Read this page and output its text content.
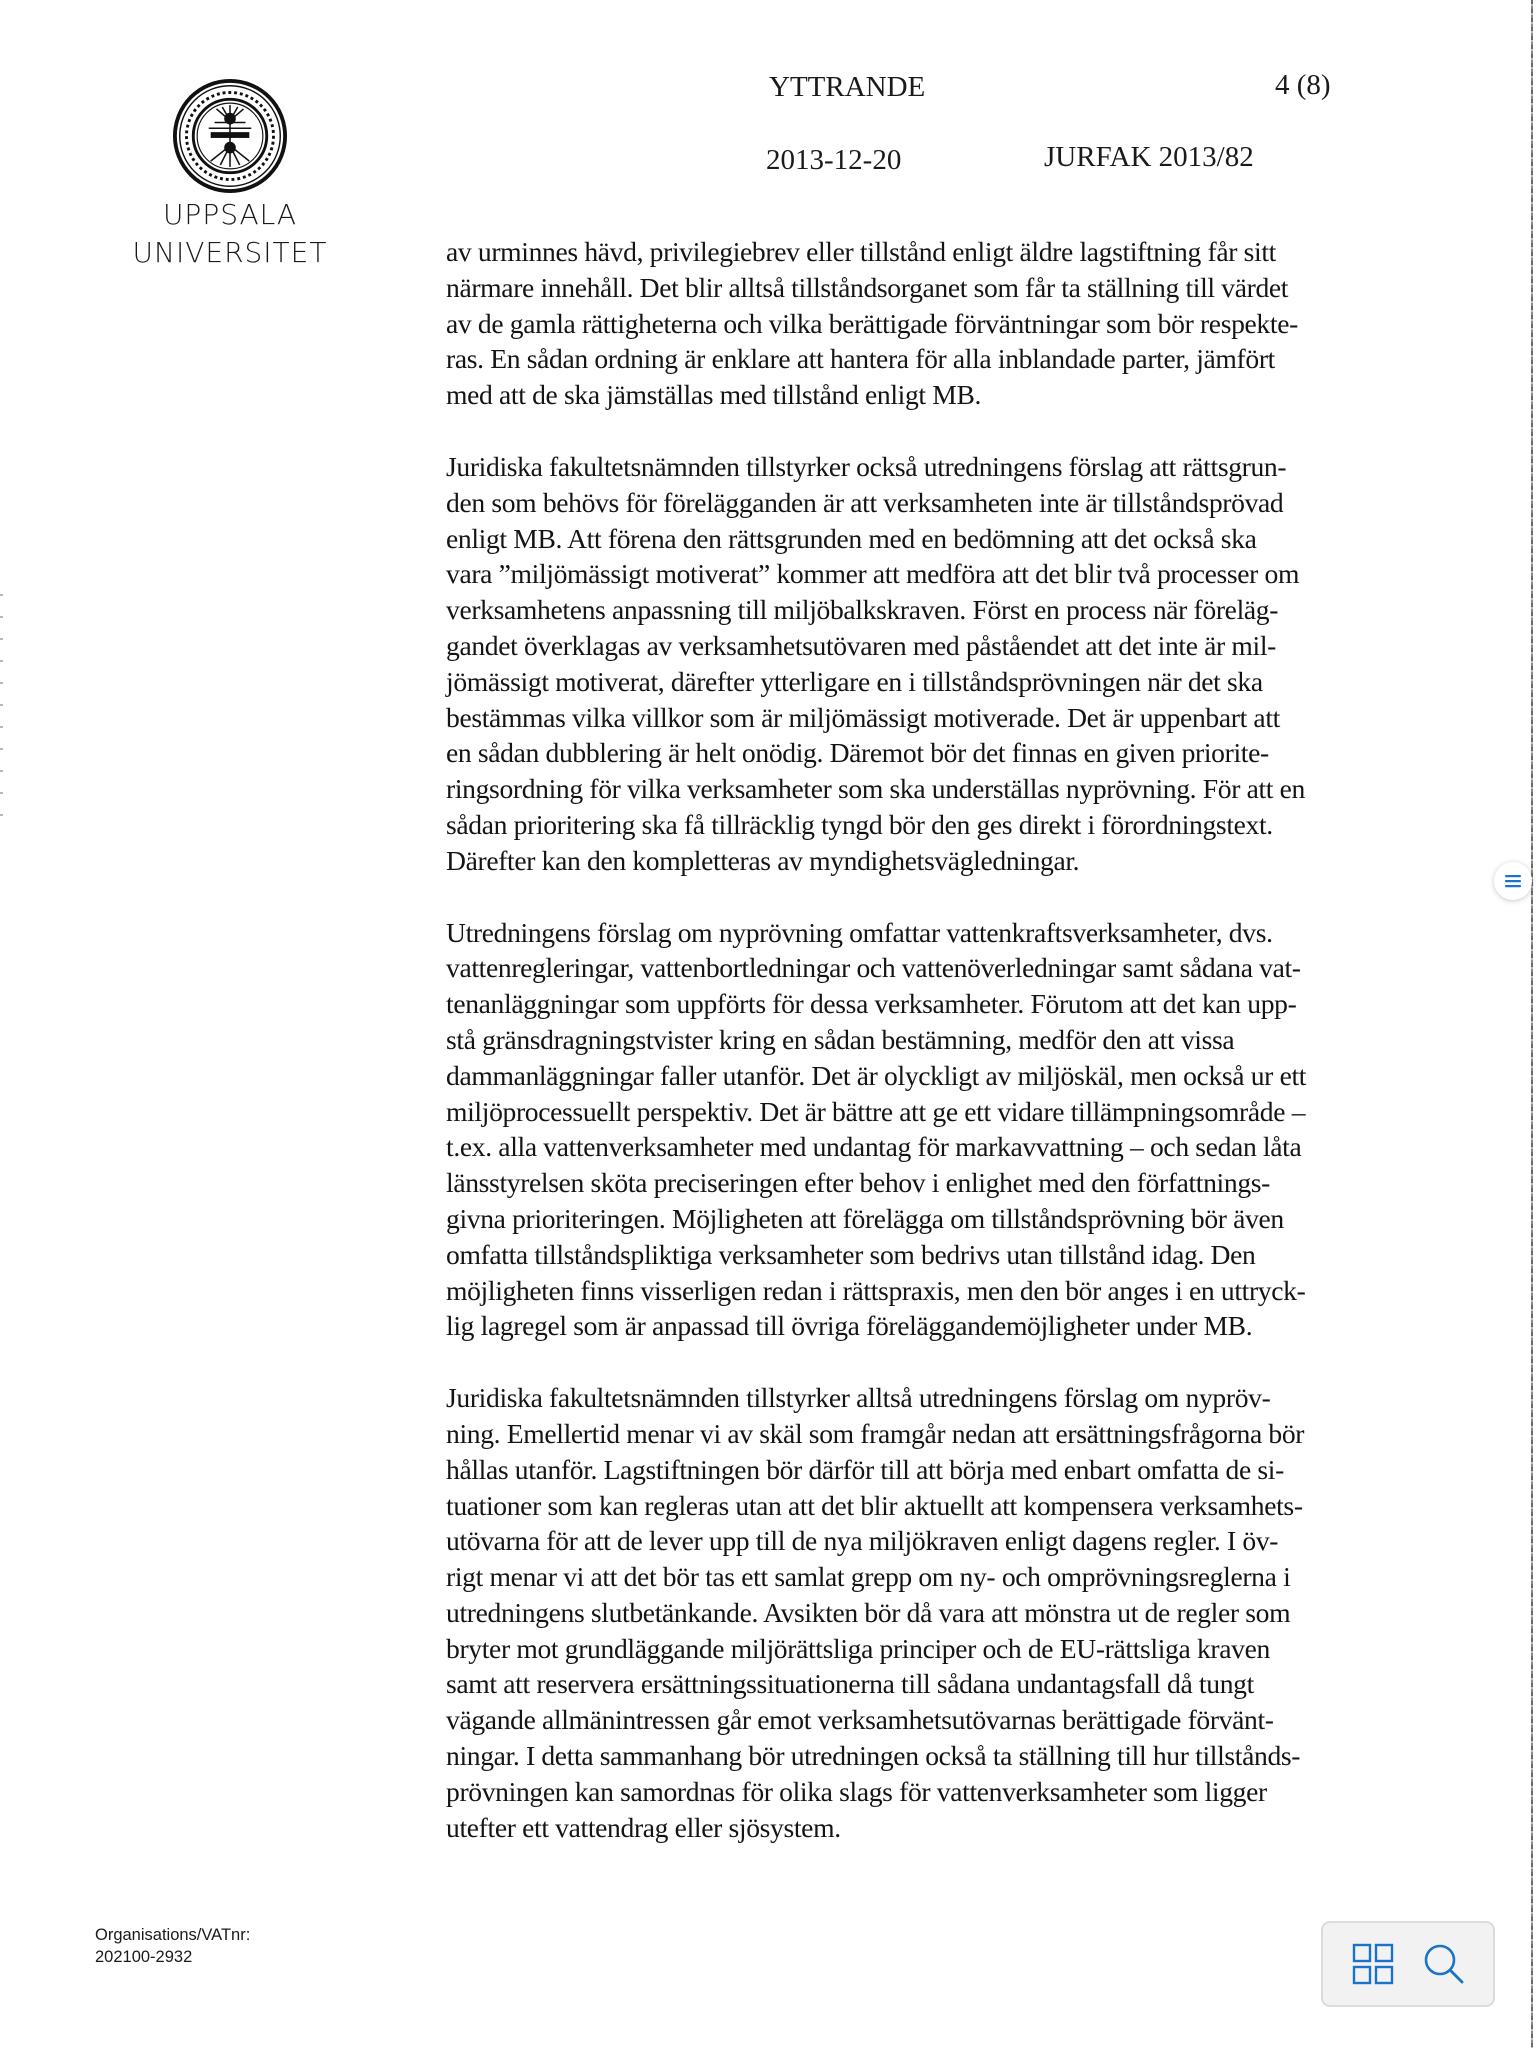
UPPSALA
UNIVERSITET
YTTRANDE	4 (8)
2013-12-20	JURFAK 2013/82

av urminnes hävd, privilegiebrev eller tillstånd enligt äldre lagstiftning får sitt
närmare innehåll. Det blir alltså tillståndsorganet som får ta ställning till värdet
av de gamla rättigheterna och vilka berättigade förväntningar som bör respekte-
ras. En sådan ordning är enklare att hantera för alla inblandade parter, jämfört
med att de ska jämställas med tillstånd enligt MB.

Juridiska fakultetsnämnden tillstyrker också utredningens förslag att rättsgrun-
den som behövs för förelägganden är att verksamheten inte är tillståndsprövad
enligt MB. Att förena den rättsgrunden med en bedömning att det också ska
vara ”miljömässigt motiverat” kommer att medföra att det blir två processer om
verksamhetens anpassning till miljöbalkskraven. Först en process när föreläg-
gandet överklagas av verksamhetsutövaren med påståendet att det inte är mil-
jömässigt motiverat, därefter ytterligare en i tillståndsprövningen när det ska
bestämmas vilka villkor som är miljömässigt motiverade. Det är uppenbart att
en sådan dubblering är helt onödig. Däremot bör det finnas en given priorite-
ringsordning för vilka verksamheter som ska underställas nyprövning. För att en
sådan prioritering ska få tillräcklig tyngd bör den ges direkt i förordningstext.
Därefter kan den kompletteras av myndighetsvägledningar.

Utredningens förslag om nyprövning omfattar vattenkraftsverksamheter, dvs.
vattenregleringar, vattenbortledningar och vattenöverledningar samt sådana vat-
tenanläggningar som uppförts för dessa verksamheter. Förutom att det kan upp-
stå gränsdragningstvister kring en sådan bestämning, medför den att vissa
dammanläggningar faller utanför. Det är olyckligt av miljöskäl, men också ur ett
miljöprocessuellt perspektiv. Det är bättre att ge ett vidare tillämpningsområde –
t.ex. alla vattenverksamheter med undantag för markavvattning – och sedan låta
länsstyrelsen sköta preciseringen efter behov i enlighet med den författnings-
givna prioriteringen. Möjligheten att förelägga om tillståndsprövning bör även
omfatta tillståndspliktiga verksamheter som bedrivs utan tillstånd idag. Den
möjligheten finns visserligen redan i rättspraxis, men den bör anges i en uttryck-
lig lagregel som är anpassad till övriga föreläggandemöjligheter under MB.

Juridiska fakultetsnämnden tillstyrker alltså utredningens förslag om nypröv-
ning. Emellertid menar vi av skäl som framgår nedan att ersättningsfrågorna bör
hållas utanför. Lagstiftningen bör därför till att börja med enbart omfatta de si-
tuationer som kan regleras utan att det blir aktuellt att kompensera verksamhets-
utövarna för att de lever upp till de nya miljökraven enligt dagens regler. I öv-
rigt menar vi att det bör tas ett samlat grepp om ny- och omprövningsreglerna i
utredningens slutbetänkande. Avsikten bör då vara att mönstra ut de regler som
bryter mot grundläggande miljörättsliga principer och de EU-rättsliga kraven
samt att reservera ersättningssituationerna till sådana undantagsfall då tungt
vägande allmänintressen går emot verksamhetsutövarnas berättigade förvänt-
ningar. I detta sammanhang bör utredningen också ta ställning till hur tillstånds-
prövningen kan samordnas för olika slags för vattenverksamheter som ligger
utefter ett vattendrag eller sjösystem.

Organisations/VATnr:
202100-2932
